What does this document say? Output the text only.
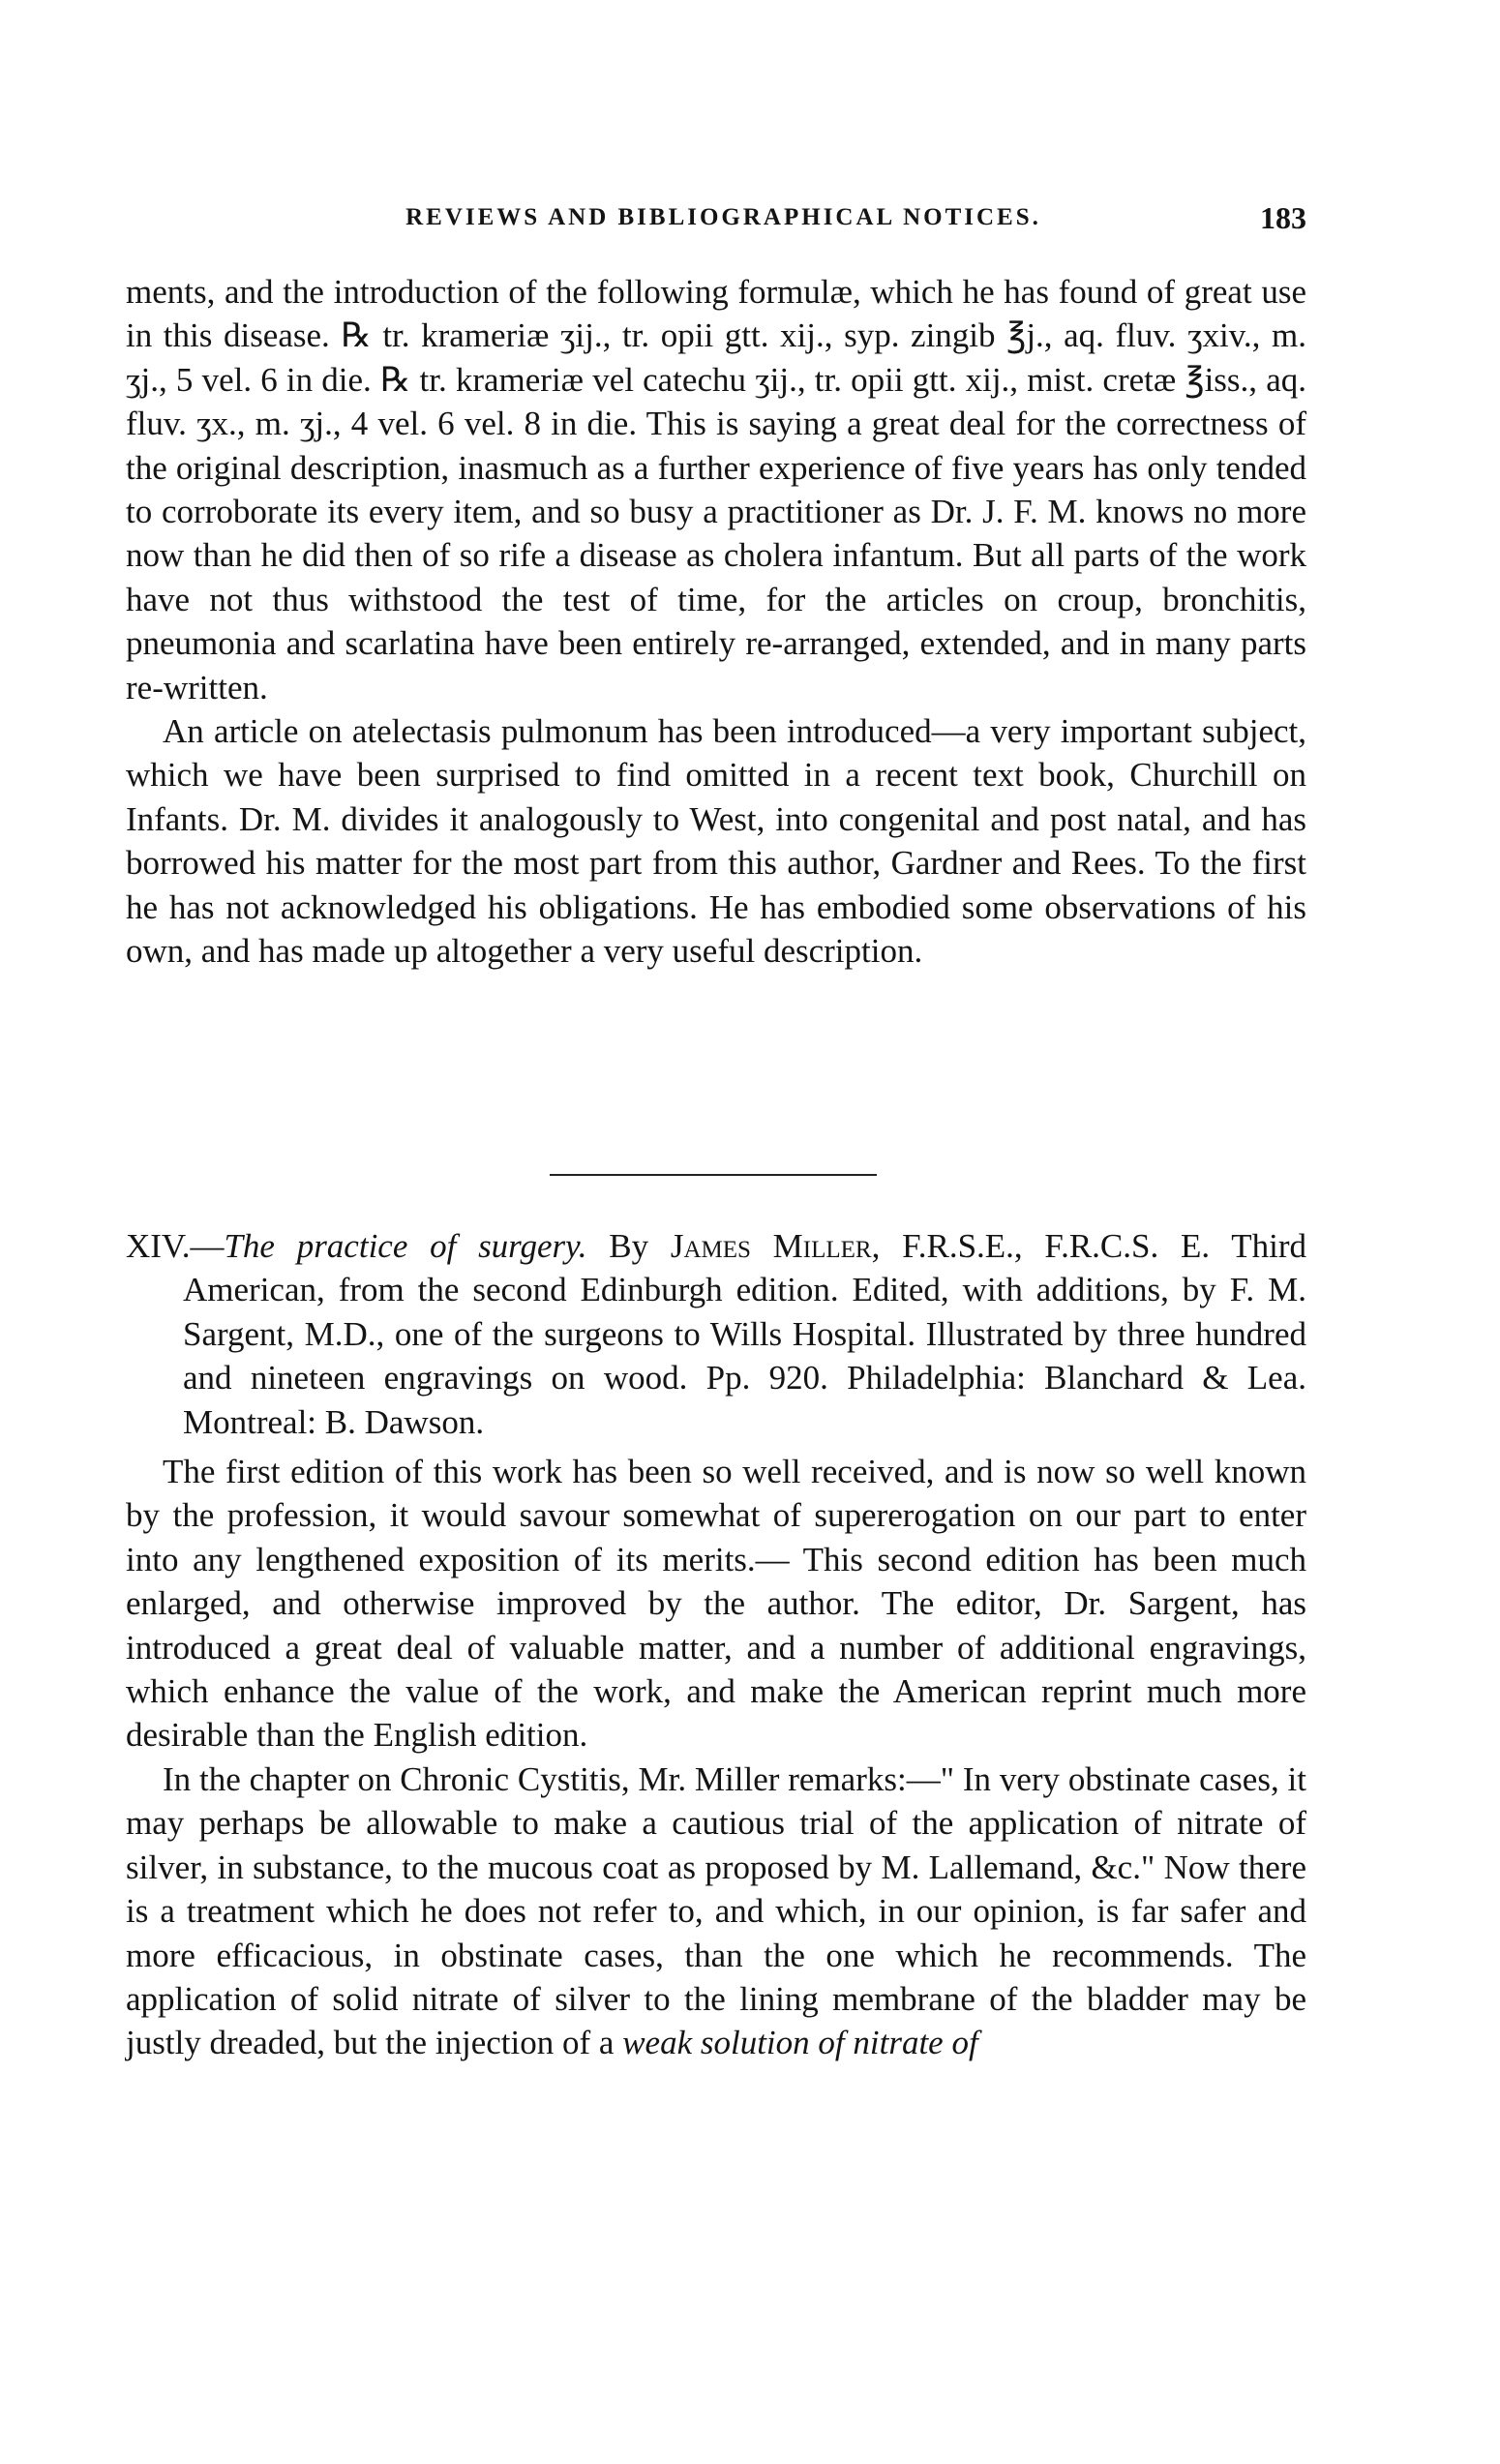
REVIEWS AND BIBLIOGRAPHICAL NOTICES.	183

ments, and the introduction of the following formulæ, which he has found of great use in this disease. ℞ tr. krameriæ ʒij., tr. opii gtt. xij., syp. zingib ℥j., aq. fluv. ʒxiv., m. ʒj., 5 vel. 6 in die. ℞ tr. krameriæ vel catechu ʒij., tr. opii gtt. xij., mist. cretæ ℥iss., aq. fluv. ʒx., m. ʒj., 4 vel. 6 vel. 8 in die. This is saying a great deal for the correctness of the original description, inasmuch as a further experience of five years has only tended to corroborate its every item, and so busy a practitioner as Dr. J. F. M. knows no more now than he did then of so rife a disease as cholera infantum. But all parts of the work have not thus withstood the test of time, for the articles on croup, bronchitis, pneumonia and scarlatina have been entirely re-arranged, extended, and in many parts re-written.

An article on atelectasis pulmonum has been introduced—a very important subject, which we have been surprised to find omitted in a recent text book, Churchill on Infants. Dr. M. divides it analogously to West, into congenital and post natal, and has borrowed his matter for the most part from this author, Gardner and Rees. To the first he has not acknowledged his obligations. He has embodied some observations of his own, and has made up altogether a very useful description.

XIV.—The practice of surgery. By James Miller, F.R.S.E., F.R.C.S. E. Third American, from the second Edinburgh edition. Edited, with additions, by F. M. Sargent, M.D., one of the surgeons to Wills Hospital. Illustrated by three hundred and nineteen engravings on wood. Pp. 920. Philadelphia: Blanchard & Lea. Montreal: B. Dawson.

The first edition of this work has been so well received, and is now so well known by the profession, it would savour somewhat of supererogation on our part to enter into any lengthened exposition of its merits.— This second edition has been much enlarged, and otherwise improved by the author. The editor, Dr. Sargent, has introduced a great deal of valuable matter, and a number of additional engravings, which enhance the value of the work, and make the American reprint much more desirable than the English edition.

In the chapter on Chronic Cystitis, Mr. Miller remarks:—" In very obstinate cases, it may perhaps be allowable to make a cautious trial of the application of nitrate of silver, in substance, to the mucous coat as proposed by M. Lallemand, &c." Now there is a treatment which he does not refer to, and which, in our opinion, is far safer and more efficacious, in obstinate cases, than the one which he recommends. The application of solid nitrate of silver to the lining membrane of the bladder may be justly dreaded, but the injection of a weak solution of nitrate of
